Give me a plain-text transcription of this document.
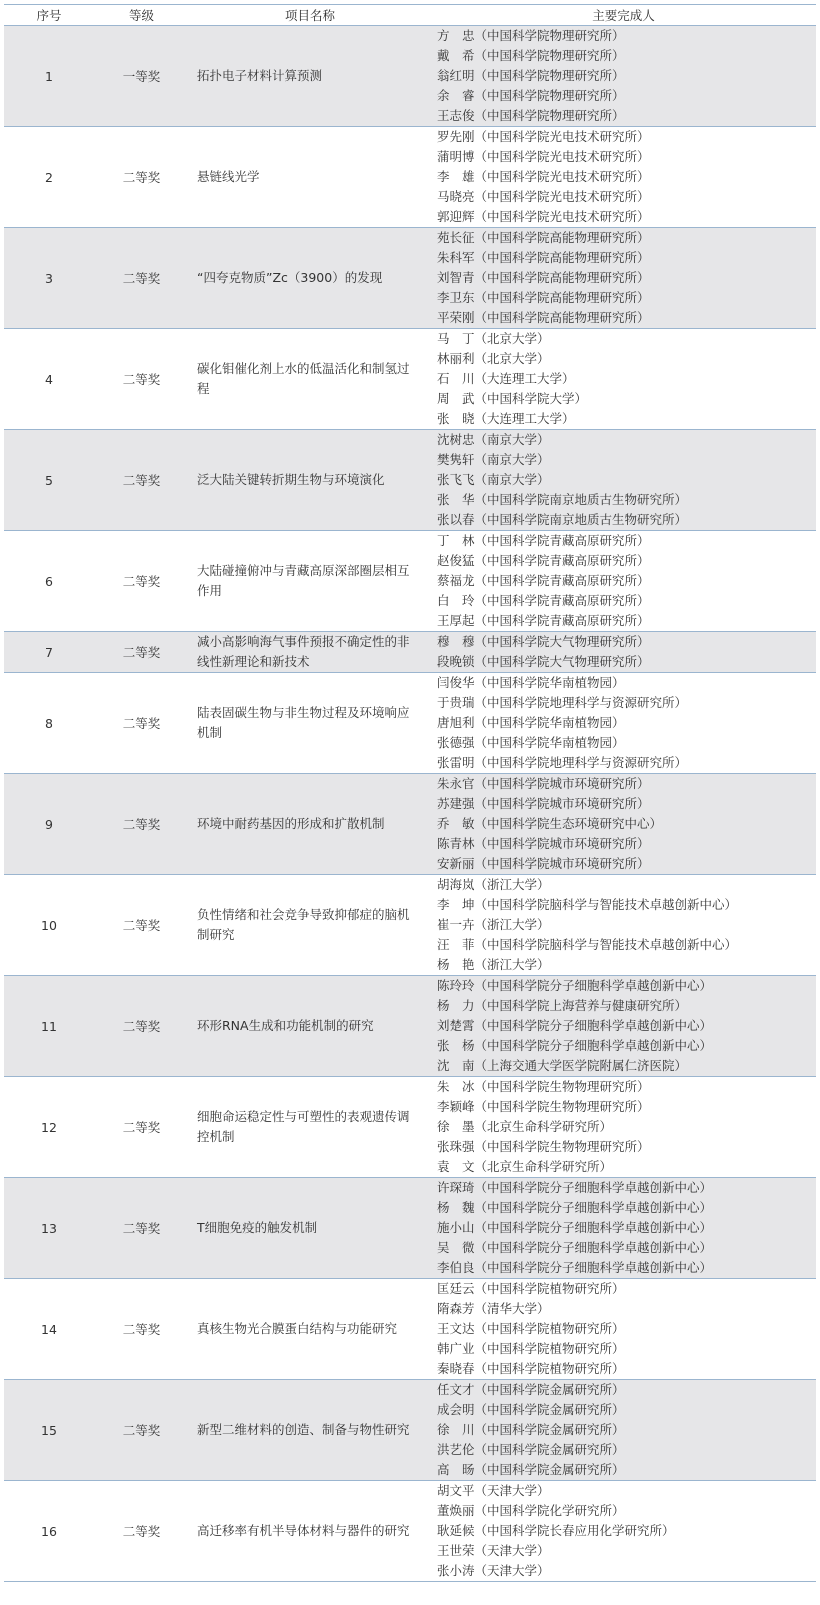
序号	等级	项目名称	主要完成人
1	一等奖	拓扑电子材料计算预测	方　忠（中国科学院物理研究所）
戴　希（中国科学院物理研究所）
翁红明（中国科学院物理研究所）
余　睿（中国科学院物理研究所）
王志俊（中国科学院物理研究所）

2	二等奖	悬链线光学	罗先刚（中国科学院光电技术研究所）
蒲明博（中国科学院光电技术研究所）
李　雄（中国科学院光电技术研究所）
马晓亮（中国科学院光电技术研究所）
郭迎辉（中国科学院光电技术研究所）

3	二等奖	“四夸克物质”Zc（3900）的发现	苑长征（中国科学院高能物理研究所）
朱科军（中国科学院高能物理研究所）
刘智青（中国科学院高能物理研究所）
李卫东（中国科学院高能物理研究所）
平荣刚（中国科学院高能物理研究所）

4	二等奖	碳化钼催化剂上水的低温活化和制氢过程	马　丁（北京大学）
林丽利（北京大学）
石　川（大连理工大学）
周　武（中国科学院大学）
张　晓（大连理工大学）

5	二等奖	泛大陆关键转折期生物与环境演化	沈树忠（南京大学）
樊隽轩（南京大学）
张飞飞（南京大学）
张　华（中国科学院南京地质古生物研究所）
张以春（中国科学院南京地质古生物研究所）

6	二等奖	大陆碰撞俯冲与青藏高原深部圈层相互作用	丁　林（中国科学院青藏高原研究所）
赵俊猛（中国科学院青藏高原研究所）
蔡福龙（中国科学院青藏高原研究所）
白　玲（中国科学院青藏高原研究所）
王厚起（中国科学院青藏高原研究所）

7	二等奖	减小高影响海气事件预报不确定性的非线性新理论和新技术	穆　穆（中国科学院大气物理研究所）
段晚锁（中国科学院大气物理研究所）

8	二等奖	陆表固碳生物与非生物过程及环境响应机制	闫俊华（中国科学院华南植物园）
于贵瑞（中国科学院地理科学与资源研究所）
唐旭利（中国科学院华南植物园）
张德强（中国科学院华南植物园）
张雷明（中国科学院地理科学与资源研究所）

9	二等奖	环境中耐药基因的形成和扩散机制	朱永官（中国科学院城市环境研究所）
苏建强（中国科学院城市环境研究所）
乔　敏（中国科学院生态环境研究中心）
陈青林（中国科学院城市环境研究所）
安新丽（中国科学院城市环境研究所）

10	二等奖	负性情绪和社会竞争导致抑郁症的脑机制研究	胡海岚（浙江大学）
李　坤（中国科学院脑科学与智能技术卓越创新中心）
崔一卉（浙江大学）
汪　菲（中国科学院脑科学与智能技术卓越创新中心）
杨　艳（浙江大学）

11	二等奖	环形RNA生成和功能机制的研究	陈玲玲（中国科学院分子细胞科学卓越创新中心）
杨　力（中国科学院上海营养与健康研究所）
刘楚霄（中国科学院分子细胞科学卓越创新中心）
张　杨（中国科学院分子细胞科学卓越创新中心）
沈　南（上海交通大学医学院附属仁济医院）

12	二等奖	细胞命运稳定性与可塑性的表观遗传调控机制	朱　冰（中国科学院生物物理研究所）
李颖峰（中国科学院生物物理研究所）
徐　墨（北京生命科学研究所）
张珠强（中国科学院生物物理研究所）
袁　文（北京生命科学研究所）

13	二等奖	T细胞免疫的触发机制	许琛琦（中国科学院分子细胞科学卓越创新中心）
杨　魏（中国科学院分子细胞科学卓越创新中心）
施小山（中国科学院分子细胞科学卓越创新中心）
吴　微（中国科学院分子细胞科学卓越创新中心）
李伯良（中国科学院分子细胞科学卓越创新中心）

14	二等奖	真核生物光合膜蛋白结构与功能研究	匡廷云（中国科学院植物研究所）
隋森芳（清华大学）
王文达（中国科学院植物研究所）
韩广业（中国科学院植物研究所）
秦晓春（中国科学院植物研究所）

15	二等奖	新型二维材料的创造、制备与物性研究	任文才（中国科学院金属研究所）
成会明（中国科学院金属研究所）
徐　川（中国科学院金属研究所）
洪艺伦（中国科学院金属研究所）
高　旸（中国科学院金属研究所）

16	二等奖	高迁移率有机半导体材料与器件的研究	胡文平（天津大学）
董焕丽（中国科学院化学研究所）
耿延候（中国科学院长春应用化学研究所）
王世荣（天津大学）
张小涛（天津大学）
